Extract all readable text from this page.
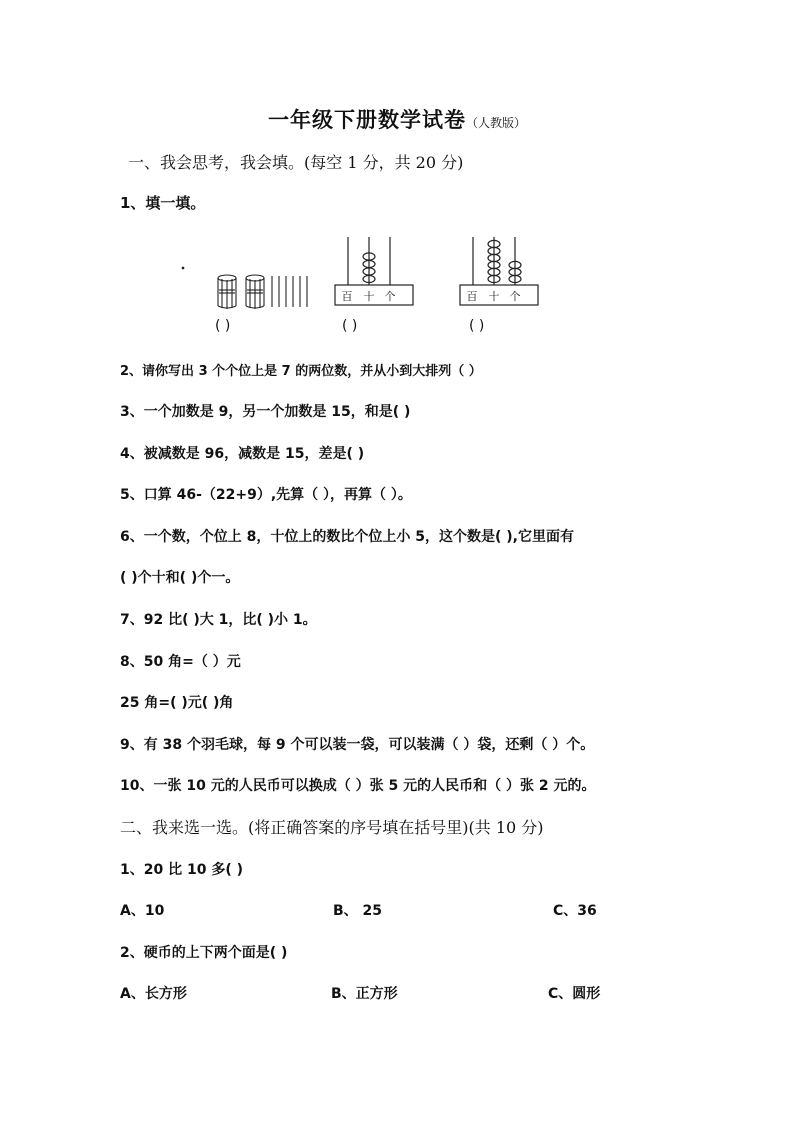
一年级下册数学试卷（人教版）
一、我会思考，我会填。(每空 1 分，共 20 分)
1、填一填。
百 十 个	百 十 个
( )	( )	( )
2、请你写出 3 个个位上是 7 的两位数，并从小到大排列（ ）
3、一个加数是 9，另一个加数是 15，和是( )
4、被减数是 96，减数是 15，差是( )
5、口算 46-（22+9）,先算（ ），再算（ ）。
6、一个数，个位上 8，十位上的数比个位上小 5，这个数是( ),它里面有
( )个十和( )个一。
7、92 比( )大 1，比( )小 1。
8、50 角=（ ）元
25 角=( )元( )角
9、有 38 个羽毛球，每 9 个可以装一袋，可以装满（ ）袋，还剩（ ）个。
10、一张 10 元的人民币可以换成（ ）张 5 元的人民币和（ ）张 2 元的。
二、我来选一选。(将正确答案的序号填在括号里)(共 10 分)
1、20 比 10 多( )
A、10	B、 25	C、36
2、硬币的上下两个面是( )
A、长方形	B、正方形	C、圆形
